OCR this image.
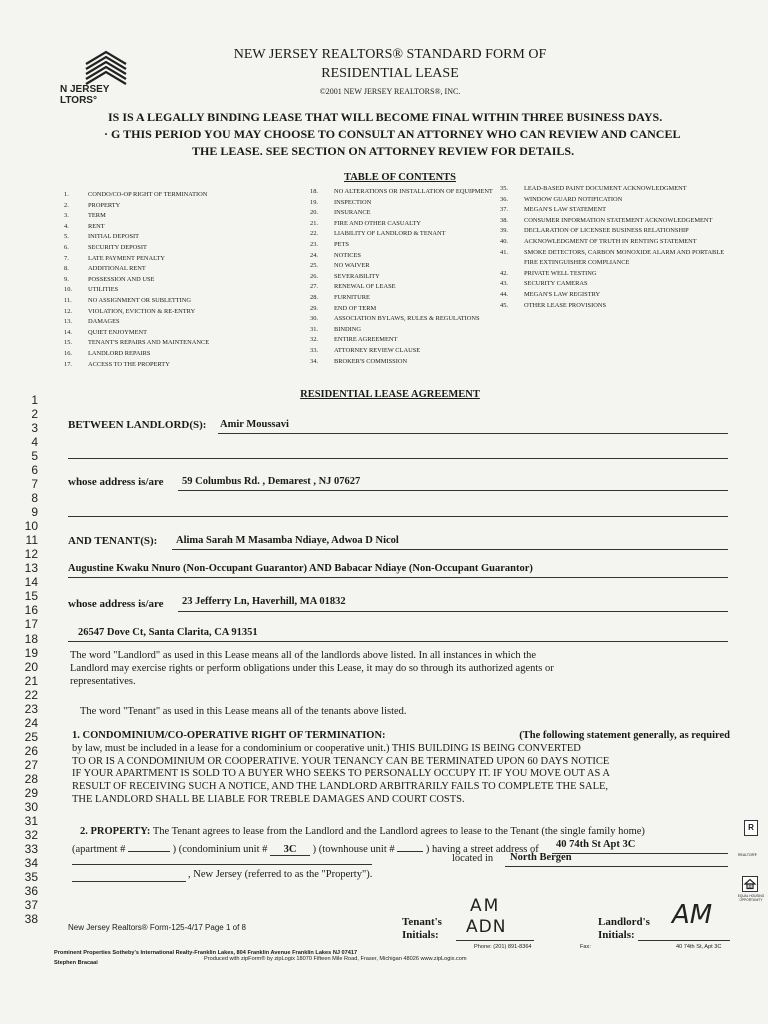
N JERSEY
LTORS°
NEW JERSEY REALTORS® STANDARD FORM OF
RESIDENTIAL LEASE
©2001 NEW JERSEY REALTORS®, INC.
IS IS A LEGALLY BINDING LEASE THAT WILL BECOME FINAL WITHIN THREE BUSINESS DAYS.
· G THIS PERIOD YOU MAY CHOOSE TO CONSULT AN ATTORNEY WHO CAN REVIEW AND CANCEL
THE LEASE. SEE SECTION ON ATTORNEY REVIEW FOR DETAILS.
TABLE OF CONTENTS
1.	CONDO/CO-OP RIGHT OF TERMINATION
2.	PROPERTY
3.	TERM
4.	RENT
5.	INITIAL DEPOSIT
6.	SECURITY DEPOSIT
7.	LATE PAYMENT PENALTY
8.	ADDITIONAL RENT
9.	POSSESSION AND USE
10.	UTILITIES
11.	NO ASSIGNMENT OR SUBLETTING
12.	VIOLATION, EVICTION & RE-ENTRY
13.	DAMAGES
14.	QUIET ENJOYMENT
15.	TENANT'S REPAIRS AND MAINTENANCE
16.	LANDLORD REPAIRS
17.	ACCESS TO THE PROPERTY
18.	NO ALTERATIONS OR INSTALLATION OF EQUIPMENT
19.	INSPECTION
20.	INSURANCE
21.	FIRE AND OTHER CASUALTY
22.	LIABILITY OF LANDLORD & TENANT
23.	PETS
24.	NOTICES
25.	NO WAIVER
26.	SEVERABILITY
27.	RENEWAL OF LEASE
28.	FURNITURE
29.	END OF TERM
30.	ASSOCIATION BYLAWS, RULES & REGULATIONS
31.	BINDING
32.	ENTIRE AGREEMENT
33.	ATTORNEY REVIEW CLAUSE
34.	BROKER'S COMMISSION
35.	LEAD-BASED PAINT DOCUMENT ACKNOWLEDGMENT
36.	WINDOW GUARD NOTIFICATION
37.	MEGAN'S LAW STATEMENT
38.	CONSUMER INFORMATION STATEMENT ACKNOWLEDGEMENT
39.	DECLARATION OF LICENSEE BUSINESS RELATIONSHIP
40.	ACKNOWLEDGMENT OF TRUTH IN RENTING STATEMENT
41.	SMOKE DETECTORS, CARBON MONOXIDE ALARM AND PORTABLE FIRE EXTINGUISHER COMPLIANCE
42.	PRIVATE WELL TESTING
43.	SECURITY CAMERAS
44.	MEGAN'S LAW REGISTRY
45.	OTHER LEASE PROVISIONS
RESIDENTIAL LEASE AGREEMENT
1
2
3
4
5
6
7
8
9
10
11
12
13
14
15
16
17
18
19
20
21
22
23
24
25
26
27
28
29
30
31
32
33
34
35
36
37
38
BETWEEN LANDLORD(S): Amir Moussavi
whose address is/are 59 Columbus Rd. , Demarest , NJ 07627
AND TENANT(S): Alima Sarah M Masamba Ndiaye, Adwoa D Nicol
Augustine Kwaku Nnuro (Non-Occupant Guarantor) AND Babacar Ndiaye (Non-Occupant Guarantor)
whose address is/are 23 Jefferry Ln, Haverhill, MA 01832
26547 Dove Ct, Santa Clarita, CA 91351
The word "Landlord" as used in this Lease means all of the landlords above listed. In all instances in which the
Landlord may exercise rights or perform obligations under this Lease, it may do so through its authorized agents or
representatives.
The word "Tenant" as used in this Lease means all of the tenants above listed.
1. CONDOMINIUM/CO-OPERATIVE RIGHT OF TERMINATION:	(The following statement generally, as required
by law, must be included in a lease for a condominium or cooperative unit.) THIS BUILDING IS BEING CONVERTED
TO OR IS A CONDOMINIUM OR COOPERATIVE. YOUR TENANCY CAN BE TERMINATED UPON 60 DAYS NOTICE
IF YOUR APARTMENT IS SOLD TO A BUYER WHO SEEKS TO PERSONALLY OCCUPY IT. IF YOU MOVE OUT AS A
RESULT OF RECEIVING SUCH A NOTICE, AND THE LANDLORD ARBITRARILY FAILS TO COMPLETE THE SALE,
THE LANDLORD SHALL BE LIABLE FOR TREBLE DAMAGES AND COURT COSTS.
2. PROPERTY: The Tenant agrees to lease from the Landlord and the Landlord agrees to lease to the Tenant (the single family home)
(apartment #	) (condominium unit # 3C ) (townhouse unit #	) having a street address of 40 74th St Apt 3C
located in North Bergen
, New Jersey (referred to as the "Property").
R
REALTOR®
EQUAL HOUSING OPPORTUNITY
New Jersey Realtors® Form-125-4/17 Page 1 of 8	Tenant's
Initials:
AM
ADN	Landlord's
Initials:
AM
Prominent Properties Sotheby's International Realty-Franklin Lakes, 804 Franklin Avenue Franklin Lakes NJ 07417
Phone: (201) 891-8364	Fax:	40 74th St, Apt 3C
Stephen Bracaai
Produced with zipForm® by zipLogix 18070 Fifteen Mile Road, Fraser, Michigan 48026 www.zipLogix.com
